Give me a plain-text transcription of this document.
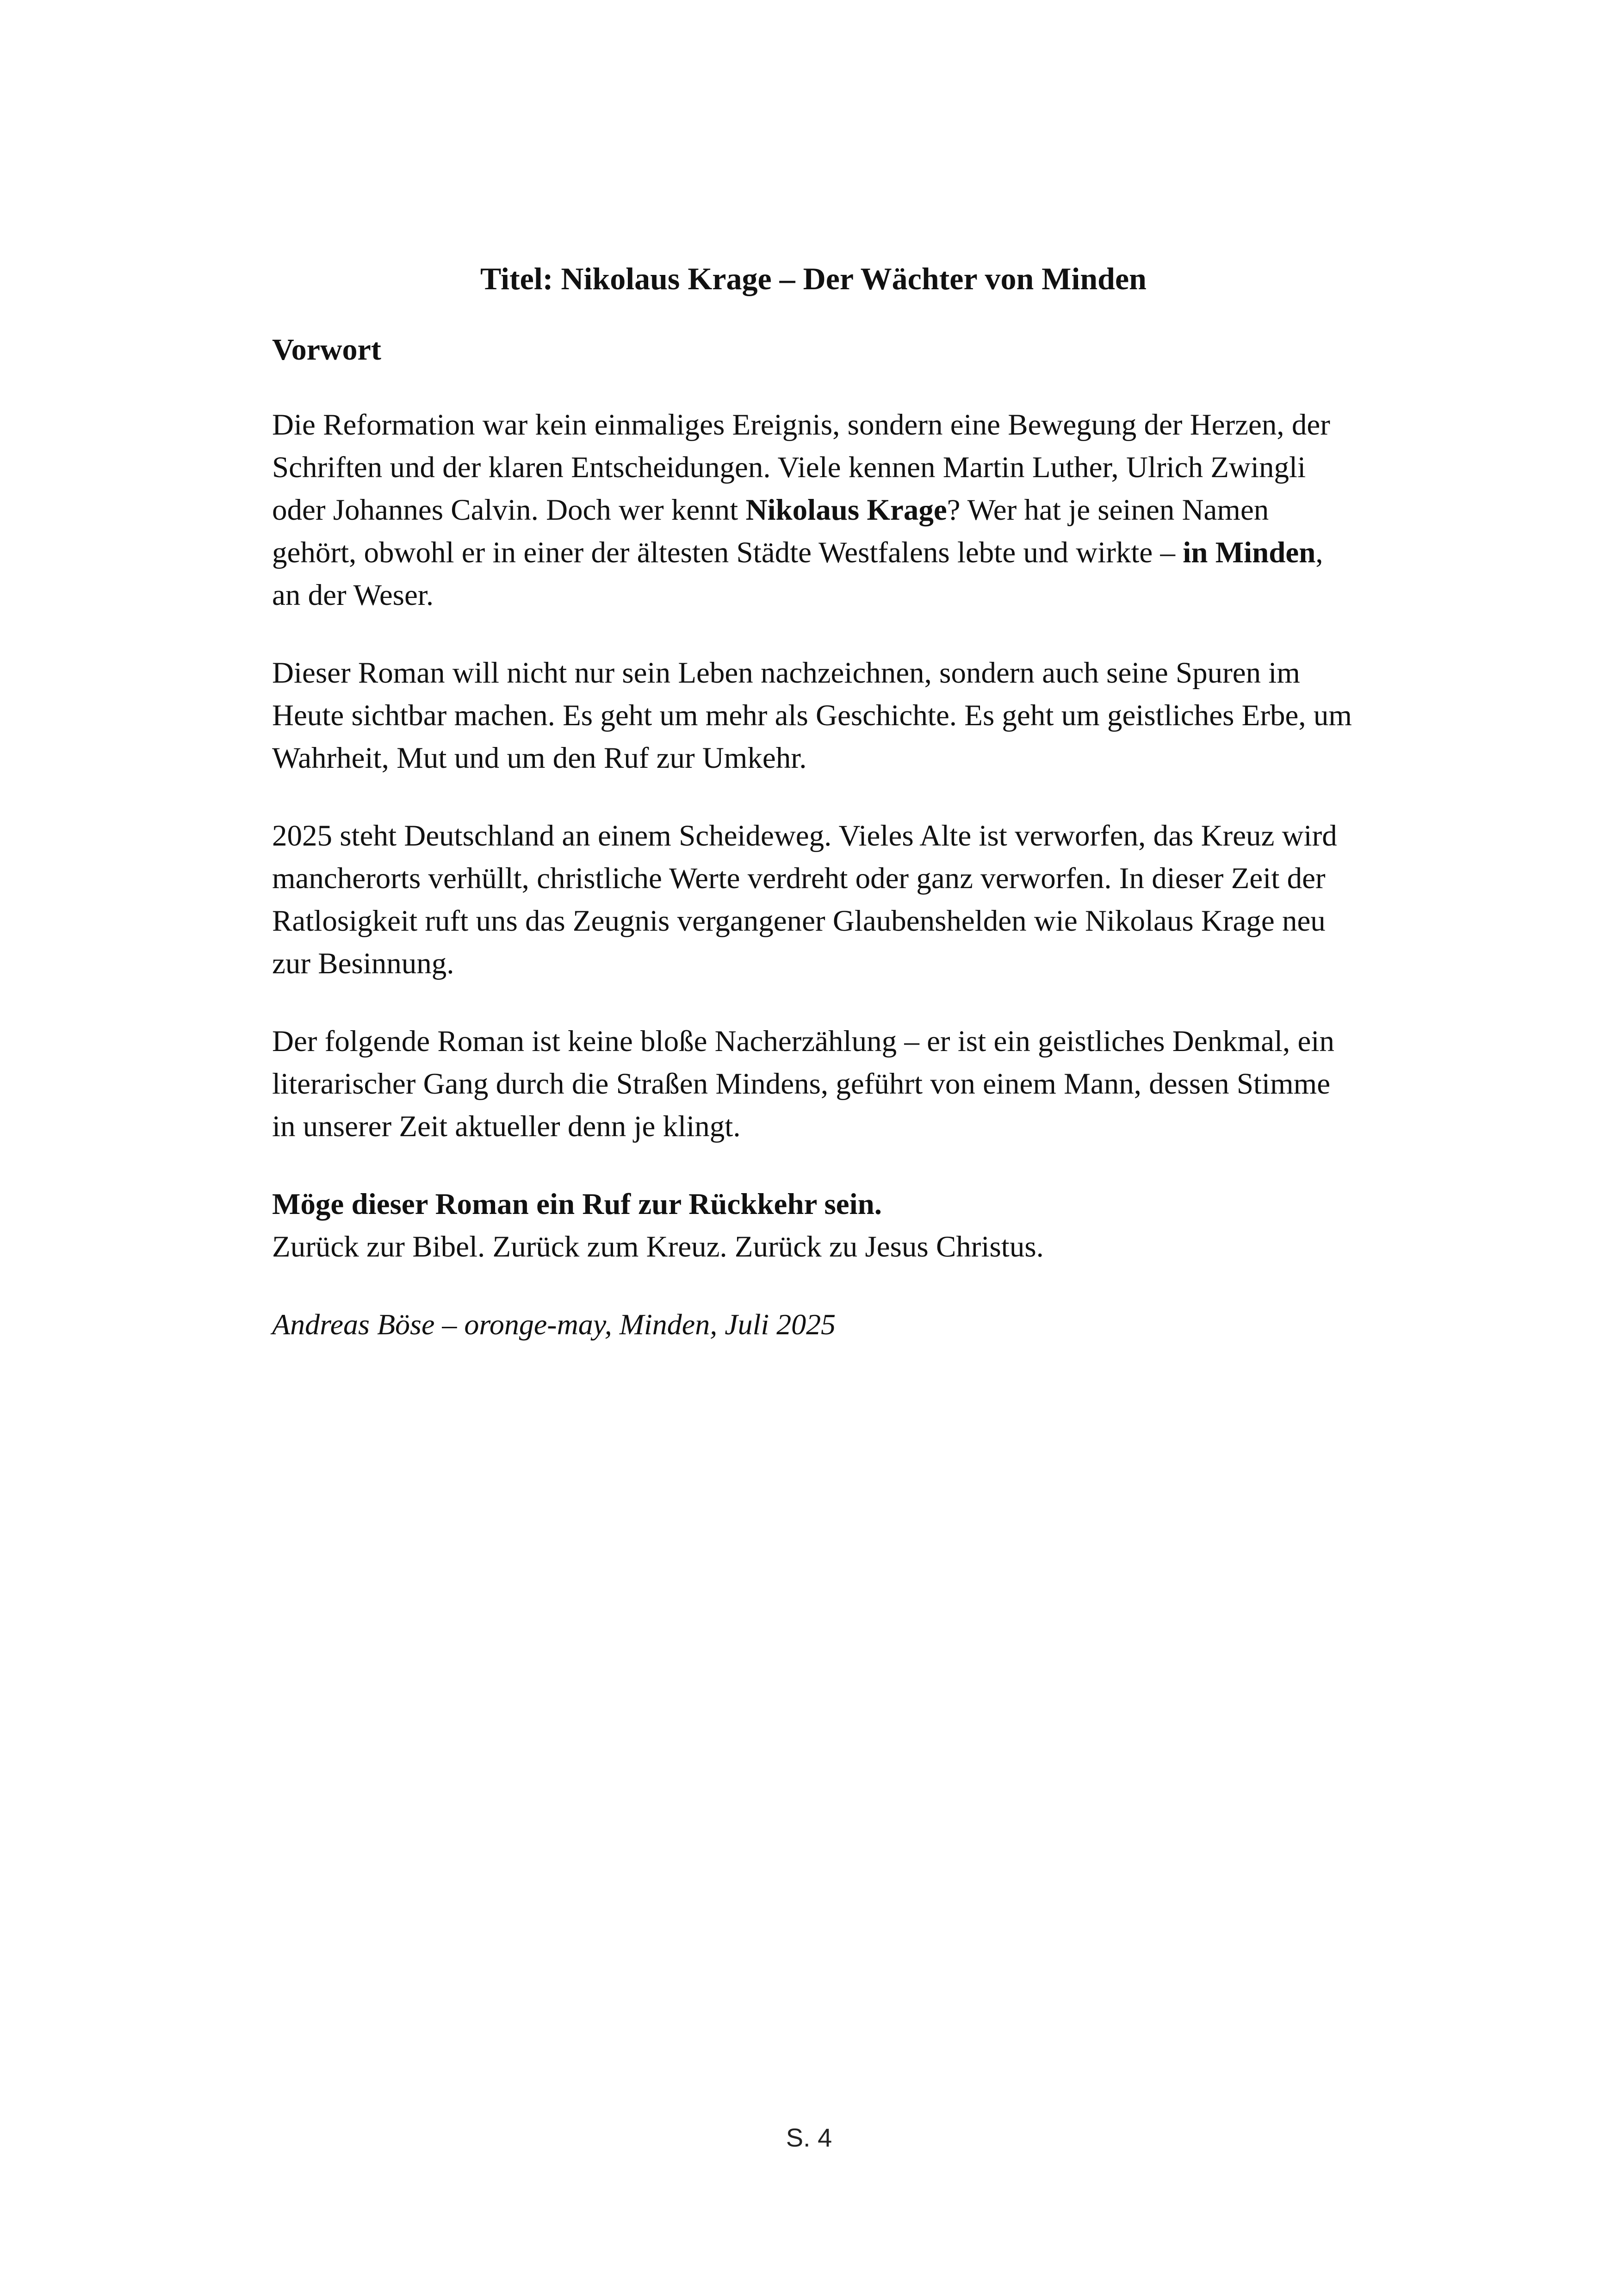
Titel: Nikolaus Krage – Der Wächter von Minden
Vorwort

Die Reformation war kein einmaliges Ereignis, sondern eine Bewegung der Herzen, der Schriften und der klaren Entscheidungen. Viele kennen Martin Luther, Ulrich Zwingli oder Johannes Calvin. Doch wer kennt Nikolaus Krage? Wer hat je seinen Namen gehört, obwohl er in einer der ältesten Städte Westfalens lebte und wirkte – in Minden, an der Weser.

Dieser Roman will nicht nur sein Leben nachzeichnen, sondern auch seine Spuren im Heute sichtbar machen. Es geht um mehr als Geschichte. Es geht um geistliches Erbe, um Wahrheit, Mut und um den Ruf zur Umkehr.

2025 steht Deutschland an einem Scheideweg. Vieles Alte ist verworfen, das Kreuz wird mancherorts verhüllt, christliche Werte verdreht oder ganz verworfen. In dieser Zeit der Ratlosigkeit ruft uns das Zeugnis vergangener Glaubenshelden wie Nikolaus Krage neu zur Besinnung.

Der folgende Roman ist keine bloße Nacherzählung – er ist ein geistliches Denkmal, ein literarischer Gang durch die Straßen Mindens, geführt von einem Mann, dessen Stimme in unserer Zeit aktueller denn je klingt.

Möge dieser Roman ein Ruf zur Rückkehr sein.
Zurück zur Bibel. Zurück zum Kreuz. Zurück zu Jesus Christus.

Andreas Böse – oronge-may, Minden, Juli 2025

S. 4
